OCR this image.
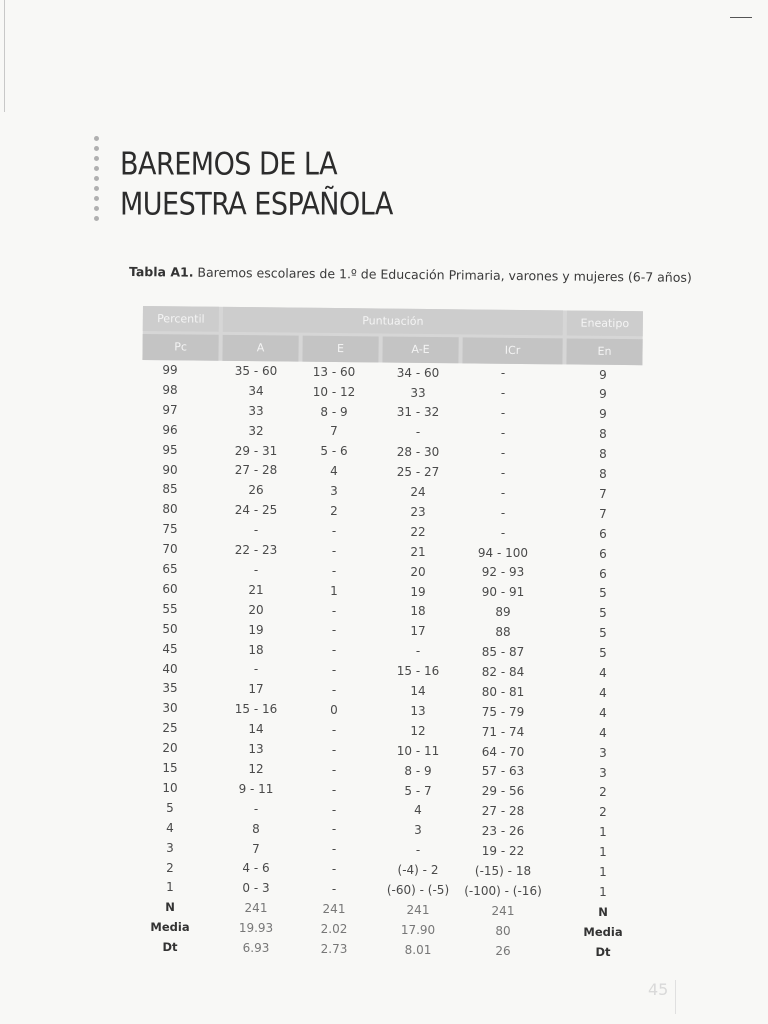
BAREMOS DE LA
MUESTRA ESPAÑOLA
Tabla A1. Baremos escolares de 1.º de Educación Primaria, varones y mujeres (6-7 años)
Percentil	Puntuación	Eneatipo
Pc	A	E	A-E	ICr	En
99	35 - 60	13 - 60	34 - 60	-	9
98	34	10 - 12	33	-	9
97	33	8 - 9	31 - 32	-	9
96	32	7	-	-	8
95	29 - 31	5 - 6	28 - 30	-	8
90	27 - 28	4	25 - 27	-	8
85	26	3	24	-	7
80	24 - 25	2	23	-	7
75	-	-	22	-	6
70	22 - 23	-	21	94 - 100	6
65	-	-	20	92 - 93	6
60	21	1	19	90 - 91	5
55	20	-	18	89	5
50	19	-	17	88	5
45	18	-	-	85 - 87	5
40	-	-	15 - 16	82 - 84	4
35	17	-	14	80 - 81	4
30	15 - 16	0	13	75 - 79	4
25	14	-	12	71 - 74	4
20	13	-	10 - 11	64 - 70	3
15	12	-	8 - 9	57 - 63	3
10	9 - 11	-	5 - 7	29 - 56	2
5	-	-	4	27 - 28	2
4	8	-	3	23 - 26	1
3	7	-	-	19 - 22	1
2	4 - 6	-	(-4) - 2	(-15) - 18	1
1	0 - 3	-	(-60) - (-5)	(-100) - (-16)	1
N	241	241	241	241	N
Media	19.93	2.02	17.90	80	Media
Dt	6.93	2.73	8.01	26	Dt
45
